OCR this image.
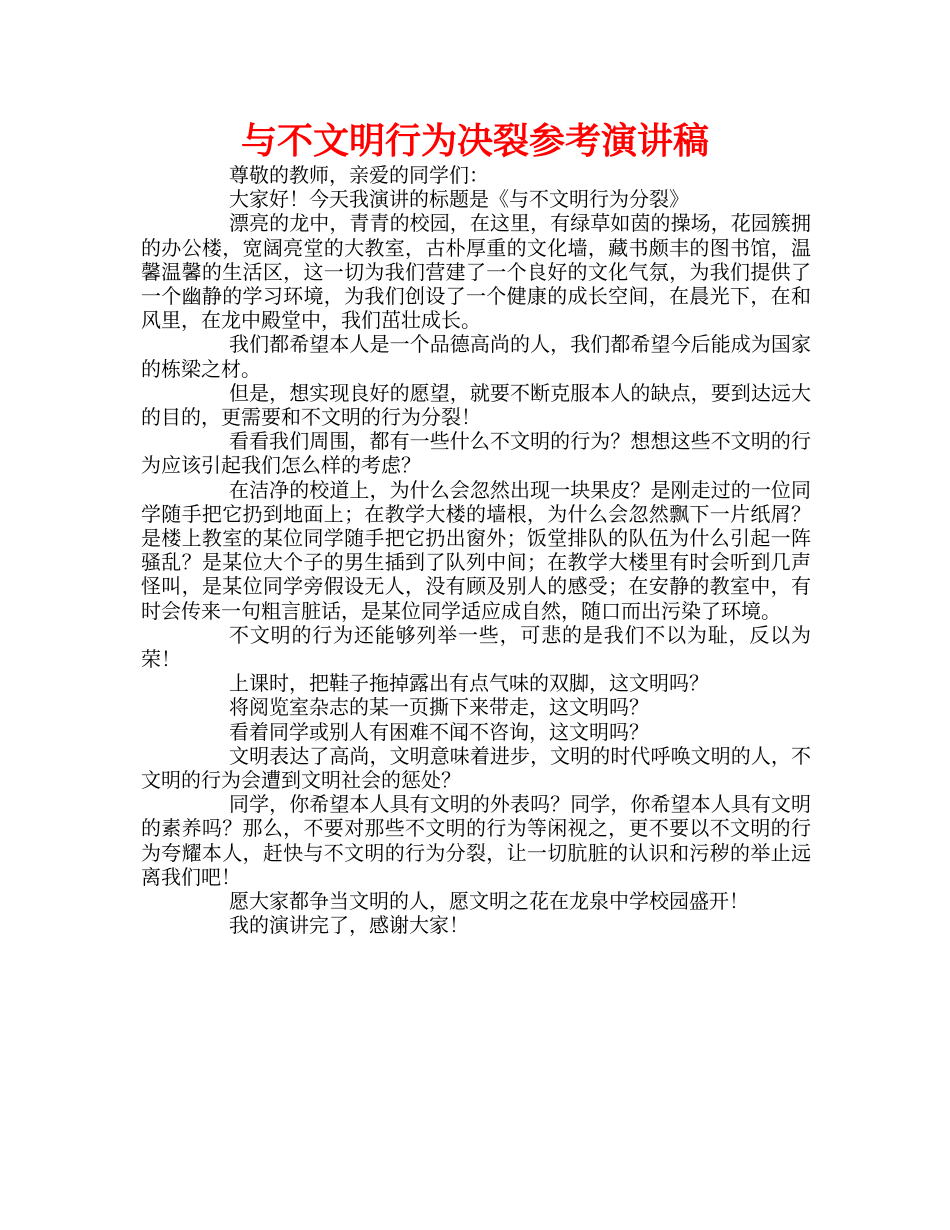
与不文明行为决裂参考演讲稿

尊敬的教师，亲爱的同学们：

大家好！今天我演讲的标题是《与不文明行为分裂》

漂亮的龙中，青青的校园，在这里，有绿草如茵的操场，花园簇拥的办公楼，宽阔亮堂的大教室，古朴厚重的文化墙，藏书颇丰的图书馆，温馨温馨的生活区，这一切为我们营建了一个良好的文化气氛，为我们提供了一个幽静的学习环境，为我们创设了一个健康的成长空间，在晨光下，在和风里，在龙中殿堂中，我们茁壮成长。

我们都希望本人是一个品德高尚的人，我们都希望今后能成为国家的栋梁之材。

但是，想实现良好的愿望，就要不断克服本人的缺点，要到达远大的目的，更需要和不文明的行为分裂！

看看我们周围，都有一些什么不文明的行为？想想这些不文明的行为应该引起我们怎么样的考虑？

在洁净的校道上，为什么会忽然出现一块果皮？是刚走过的一位同学随手把它扔到地面上；在教学大楼的墙根，为什么会忽然飘下一片纸屑？是楼上教室的某位同学随手把它扔出窗外；饭堂排队的队伍为什么引起一阵骚乱？是某位大个子的男生插到了队列中间；在教学大楼里有时会听到几声怪叫，是某位同学旁假设无人，没有顾及别人的感受；在安静的教室中，有时会传来一句粗言脏话，是某位同学适应成自然，随口而出污染了环境。

不文明的行为还能够列举一些，可悲的是我们不以为耻，反以为荣！

上课时，把鞋子拖掉露出有点气味的双脚，这文明吗？

将阅览室杂志的某一页撕下来带走，这文明吗？

看着同学或别人有困难不闻不咨询，这文明吗？

文明表达了高尚，文明意味着进步，文明的时代呼唤文明的人，不文明的行为会遭到文明社会的惩处？

同学，你希望本人具有文明的外表吗？同学，你希望本人具有文明的素养吗？那么，不要对那些不文明的行为等闲视之，更不要以不文明的行为夸耀本人，赶快与不文明的行为分裂，让一切肮脏的认识和污秽的举止远离我们吧！

愿大家都争当文明的人，愿文明之花在龙泉中学校园盛开！

我的演讲完了，感谢大家！
